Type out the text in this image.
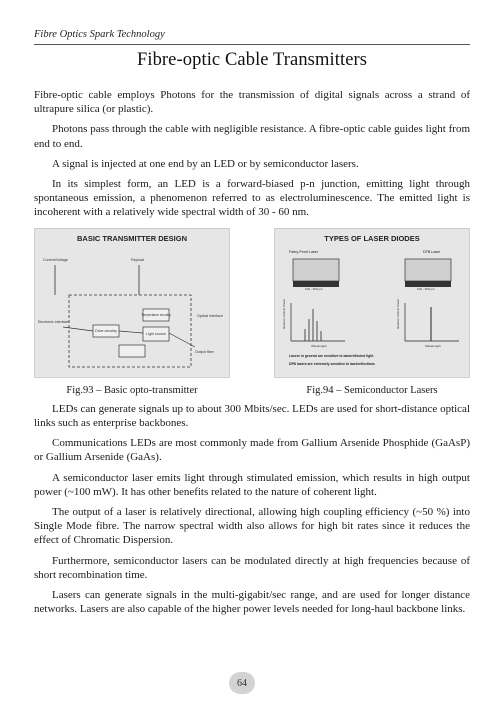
Fibre Optics Spark Technology
Fibre-optic Cable Transmitters

Fibre-optic cable employs Photons for the transmission of digital signals across a strand of ultrapure silica (or plastic).

Photons pass through the cable with negligible resistance. A fibre-optic cable guides light from end to end.

A signal is injected at one end by an LED or by semiconductor lasers.

In its simplest form, an LED is a forward-biased p-n junction, emitting light through spontaneous emission, a phenomenon referred to as electroluminescence. The emitted light is incoherent with a relatively wide spectral width of 30 - 60 nm.

BASIC TRANSMITTER DESIGN
Current/Voltage	Payload
Electronic interface
Drive circuitry
Temperature circuitry
Light source
Optical interface
Output fiber
Fig.93 – Basic opto-transmitter
TYPES OF LASER DIODES
Fabry-Perot Laser	DFB-Laser
100 - 400 μm	100 - 400 μm
Relative Optical Power
Wavelength
Relative Optical Power
Wavelength
Lasers in general are sensitive to backreflected light
DFB lasers are extremely sensitive to backreflections
Fig.94 – Semiconductor Lasers

LEDs can generate signals up to about 300 Mbits/sec. LEDs are used for short-distance optical links such as enterprise backbones.

Communications LEDs are most commonly made from Gallium Arsenide Phosphide (GaAsP) or Gallium Arsenide (GaAs).

A semiconductor laser emits light through stimulated emission, which results in high output power (~100 mW). It has other benefits related to the nature of coherent light.

The output of a laser is relatively directional, allowing high coupling efficiency (~50 %) into Single Mode fibre. The narrow spectral width also allows for high bit rates since it reduces the effect of Chromatic Dispersion.

Furthermore, semiconductor lasers can be modulated directly at high frequencies because of short recombination time.

Lasers can generate signals in the multi-gigabit/sec range, and are used for longer distance networks. Lasers are also capable of the higher power levels needed for long-haul backbone links.

64
